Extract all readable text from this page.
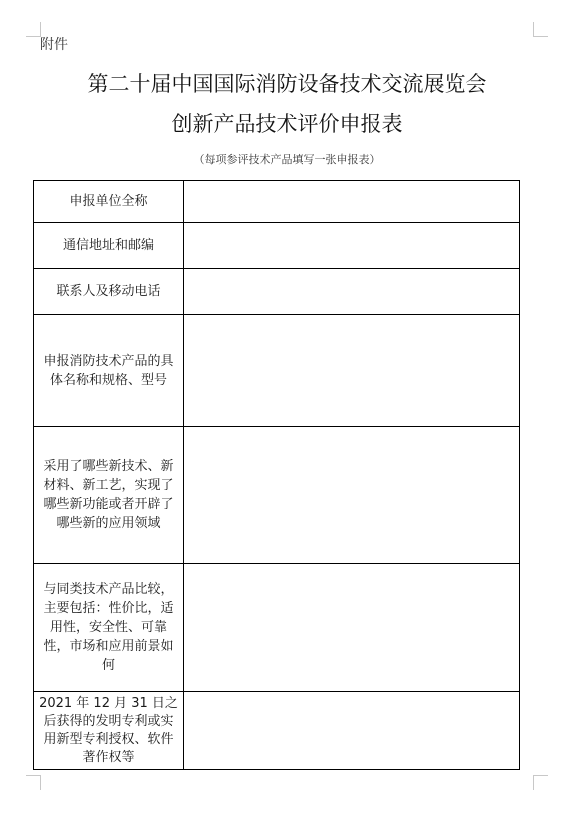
附件
第二十届中国国际消防设备技术交流展览会
创新产品技术评价申报表
（每项参评技术产品填写一张申报表）
申报单位全称	
通信地址和邮编	
联系人及移动电话	
申报消防技术产品的具体名称和规格、型号	
采用了哪些新技术、新材料、新工艺，实现了哪些新功能或者开辟了哪些新的应用领域	
与同类技术产品比较，主要包括：性价比，适用性，安全性、可靠性，市场和应用前景如何	
2021 年 12 月 31 日之后获得的发明专利或实用新型专利授权、软件著作权等	
